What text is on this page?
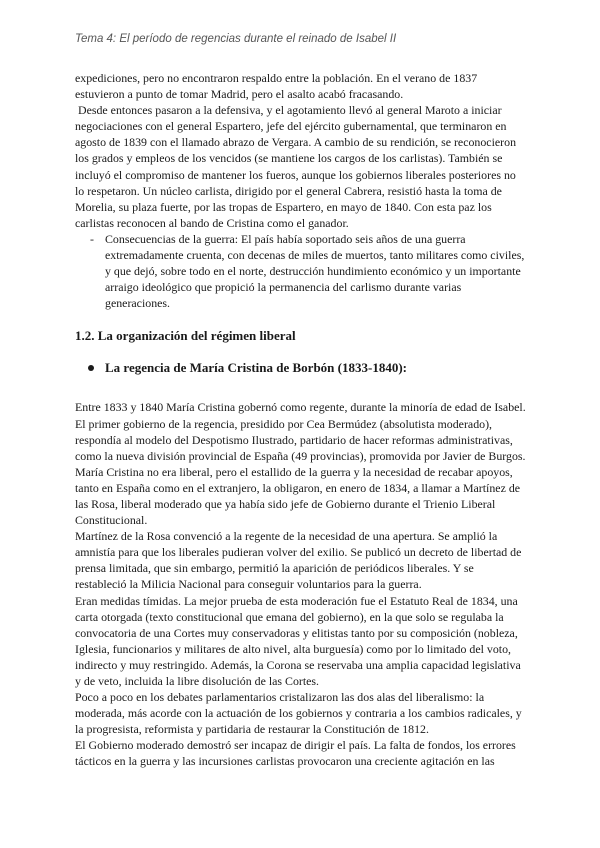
Tema 4: El período de regencias durante el reinado de Isabel II

expediciones, pero no encontraron respaldo entre la población. En el verano de 1837 estuvieron a punto de tomar Madrid, pero el asalto acabó fracasando.

Desde entonces pasaron a la defensiva, y el agotamiento llevó al general Maroto a iniciar negociaciones con el general Espartero, jefe del ejército gubernamental, que terminaron en agosto de 1839 con el llamado abrazo de Vergara. A cambio de su rendición, se reconocieron los grados y empleos de los vencidos (se mantiene los cargos de los carlistas). También se incluyó el compromiso de mantener los fueros, aunque los gobiernos liberales posteriores no lo respetaron. Un núcleo carlista, dirigido por el general Cabrera, resistió hasta la toma de Morelia, su plaza fuerte, por las tropas de Espartero, en mayo de 1840. Con esta paz los carlistas reconocen al bando de Cristina como el ganador.

- Consecuencias de la guerra: El país había soportado seis años de una guerra extremadamente cruenta, con decenas de miles de muertos, tanto militares como civiles, y que dejó, sobre todo en el norte, destrucción hundimiento económico y un importante arraigo ideológico que propició la permanencia del carlismo durante varias generaciones.
1.2. La organización del régimen liberal
La regencia de María Cristina de Borbón (1833-1840):

Entre 1833 y 1840 María Cristina gobernó como regente, durante la minoría de edad de Isabel. El primer gobierno de la regencia, presidido por Cea Bermúdez (absolutista moderado), respondía al modelo del Despotismo Ilustrado, partidario de hacer reformas administrativas, como la nueva división provincial de España (49 provincias), promovida por Javier de Burgos. María Cristina no era liberal, pero el estallido de la guerra y la necesidad de recabar apoyos, tanto en España como en el extranjero, la obligaron, en enero de 1834, a llamar a Martínez de las Rosa, liberal moderado que ya había sido jefe de Gobierno durante el Trienio Liberal Constitucional.

Martínez de la Rosa convenció a la regente de la necesidad de una apertura. Se amplió la amnistía para que los liberales pudieran volver del exilio. Se publicó un decreto de libertad de prensa limitada, que sin embargo, permitió la aparición de periódicos liberales. Y se restableció la Milicia Nacional para conseguir voluntarios para la guerra.

Eran medidas tímidas. La mejor prueba de esta moderación fue el Estatuto Real de 1834, una carta otorgada (texto constitucional que emana del gobierno), en la que solo se regulaba la convocatoria de una Cortes muy conservadoras y elitistas tanto por su composición (nobleza, Iglesia, funcionarios y militares de alto nivel, alta burguesía) como por lo limitado del voto, indirecto y muy restringido. Además, la Corona se reservaba una amplia capacidad legislativa y de veto, incluida la libre disolución de las Cortes.

Poco a poco en los debates parlamentarios cristalizaron las dos alas del liberalismo: la moderada, más acorde con la actuación de los gobiernos y contraria a los cambios radicales, y la progresista, reformista y partidaria de restaurar la Constitución de 1812.

El Gobierno moderado demostró ser incapaz de dirigir el país. La falta de fondos, los errores tácticos en la guerra y las incursiones carlistas provocaron una creciente agitación en las
